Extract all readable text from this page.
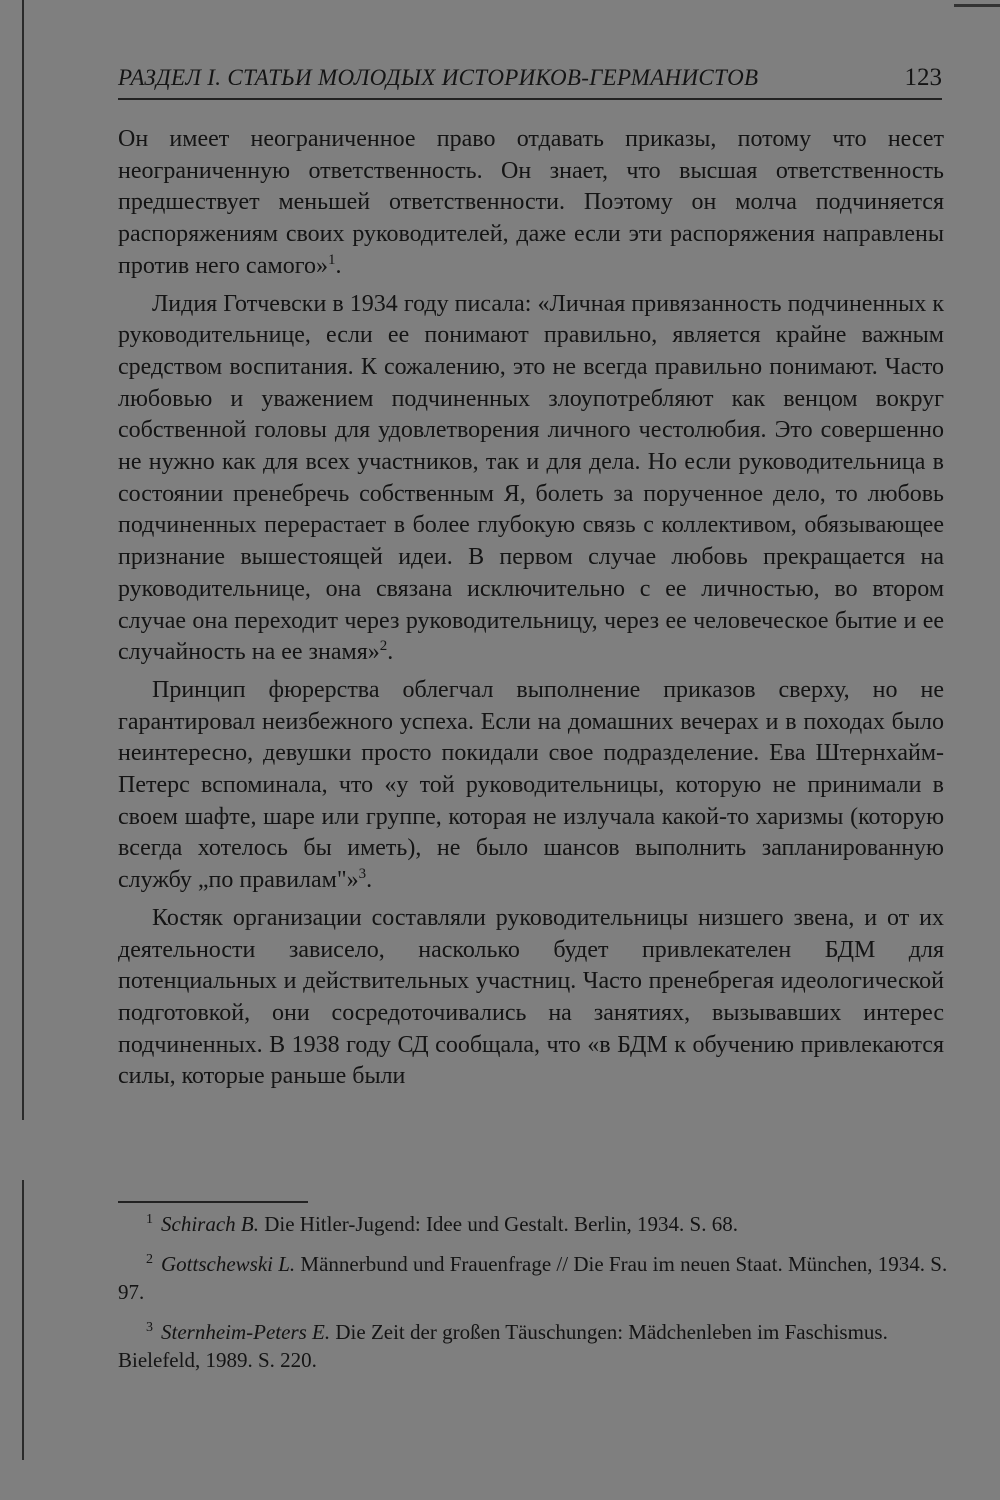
РАЗДЕЛ I. СТАТЬИ МОЛОДЫХ ИСТОРИКОВ-ГЕРМАНИСТОВ	123

Он имеет неограниченное право отдавать приказы, потому что несет неограниченную ответственность. Он знает, что высшая ответственность предшествует меньшей ответственности. Поэтому он молча подчиняется распоряжениям своих руководителей, даже если эти распоряжения направлены против него самого»$^1$.

Лидия Готчевски в 1934 году писала: «Личная привязанность подчиненных к руководительнице, если ее понимают правильно, является крайне важным средством воспитания. К сожалению, это не всегда правильно понимают. Часто любовью и уважением подчиненных злоупотребляют как венцом вокруг собственной головы для удовлетворения личного честолюбия. Это совершенно не нужно как для всех участников, так и для дела. Но если руководительница в состоянии пренебречь собственным Я, болеть за порученное дело, то любовь подчиненных перерастает в более глубокую связь с коллективом, обязывающее признание вышестоящей идеи. В первом случае любовь прекращается на руководительнице, она связана исключительно с ее личностью, во втором случае она переходит через руководительницу, через ее человеческое бытие и ее случайность на ее знамя»$^2$.

Принцип фюрерства облегчал выполнение приказов сверху, но не гарантировал неизбежного успеха. Если на домашних вечерах и в походах было неинтересно, девушки просто покидали свое подразделение. Ева Штернхайм-Петерс вспоминала, что «у той руководительницы, которую не принимали в своем шафте, шаре или группе, которая не излучала какой-то харизмы (которую всегда хотелось бы иметь), не было шансов выполнить запланированную службу „по правилам"»$^3$.

Костяк организации составляли руководительницы низшего звена, и от их деятельности зависело, насколько будет привлекателен БДМ для потенциальных и действительных участниц. Часто пренебрегая идеологической подготовкой, они сосредоточивались на занятиях, вызывавших интерес подчиненных. В 1938 году СД сообщала, что «в БДМ к обучению привлекаются силы, которые раньше были

$^1$ Schirach B. Die Hitler-Jugend: Idee und Gestalt. Berlin, 1934. S. 68.

$^2$ Gottschewski L. Männerbund und Frauenfrage // Die Frau im neuen Staat. München, 1934. S. 97.

$^3$ Sternheim-Peters E. Die Zeit der großen Täuschungen: Mädchenleben im Faschismus. Bielefeld, 1989. S. 220.
